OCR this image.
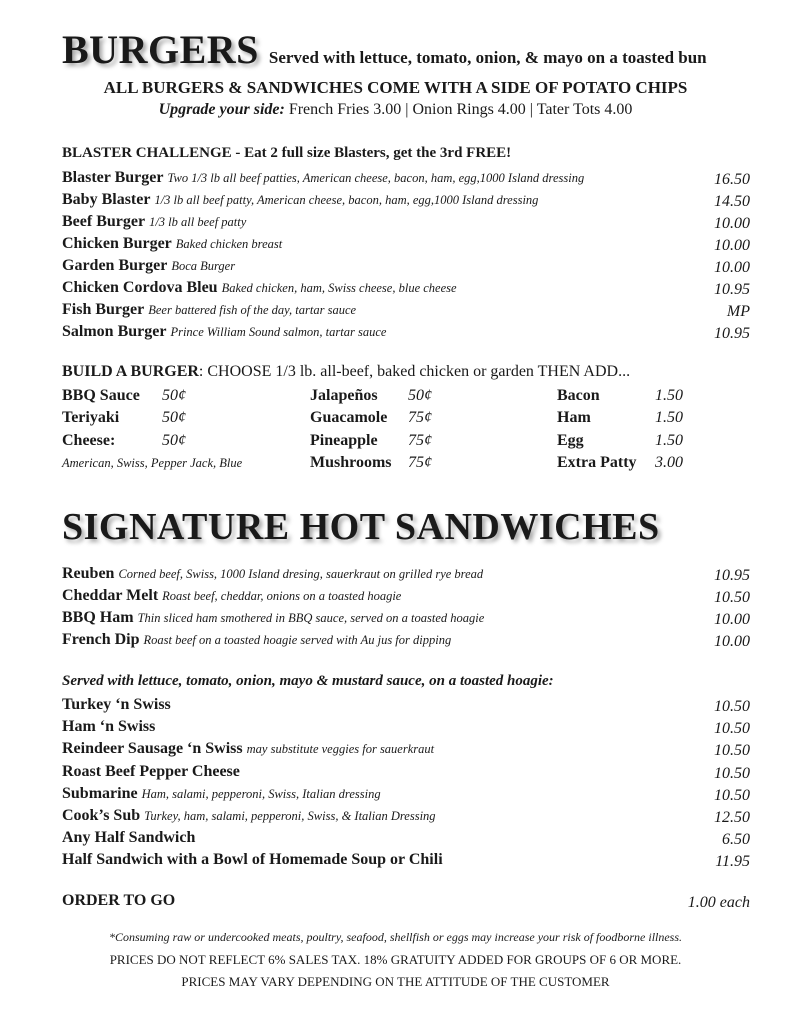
BURGERS Served with lettuce, tomato, onion, & mayo on a toasted bun
ALL BURGERS & SANDWICHES COME WITH A SIDE OF POTATO CHIPS
Upgrade your side: French Fries 3.00 | Onion Rings 4.00 | Tater Tots 4.00
BLASTER CHALLENGE - Eat 2 full size Blasters, get the 3rd FREE!
Blaster Burger Two 1/3 lb all beef patties, American cheese, bacon, ham, egg,1000 Island dressing	16.50
Baby Blaster 1/3 lb all beef patty, American cheese, bacon, ham, egg,1000 Island dressing	14.50
Beef Burger 1/3 lb all beef patty	10.00
Chicken Burger Baked chicken breast	10.00
Garden Burger Boca Burger	10.00
Chicken Cordova Bleu Baked chicken, ham, Swiss cheese, blue cheese	10.95
Fish Burger Beer battered fish of the day, tartar sauce	MP
Salmon Burger Prince William Sound salmon, tartar sauce	10.95
BUILD A BURGER: CHOOSE 1/3 lb. all-beef, baked chicken or garden THEN ADD...
BBQ Sauce 50¢
Teriyaki	50¢
Cheese:	50¢
Jalapeños 50¢
Guacamole 75¢
Pineapple 75¢
Mushrooms 75¢
Bacon	1.50
Ham	1.50
Egg	1.50
Extra Patty 3.00
American, Swiss, Pepper Jack, Blue
SIGNATURE HOT SANDWICHES
Reuben Corned beef, Swiss, 1000 Island dresing, sauerkraut on grilled rye bread	10.95
Cheddar Melt Roast beef, cheddar, onions on a toasted hoagie	10.50
BBQ Ham Thin sliced ham smothered in BBQ sauce, served on a toasted hoagie	10.00
French Dip Roast beef on a toasted hoagie served with Au jus for dipping	10.00
Served with lettuce, tomato, onion, mayo & mustard sauce, on a toasted hoagie:
Turkey ‘n Swiss	10.50
Ham ‘n Swiss	10.50
Reindeer Sausage ‘n Swiss may substitute veggies for sauerkraut	10.50
Roast Beef Pepper Cheese	10.50
Submarine Ham, salami, pepperoni, Swiss, Italian dressing	10.50
Cook’s Sub Turkey, ham, salami, pepperoni, Swiss, & Italian Dressing	12.50
Any Half Sandwich	6.50
Half Sandwich with a Bowl of Homemade Soup or Chili	11.95
ORDER TO GO	1.00 each
*Consuming raw or undercooked meats, poultry, seafood, shellfish or eggs may increase your risk of foodborne illness.
PRICES DO NOT REFLECT 6% SALES TAX. 18% GRATUITY ADDED FOR GROUPS OF 6 OR MORE.
PRICES MAY VARY DEPENDING ON THE ATTITUDE OF THE CUSTOMER
